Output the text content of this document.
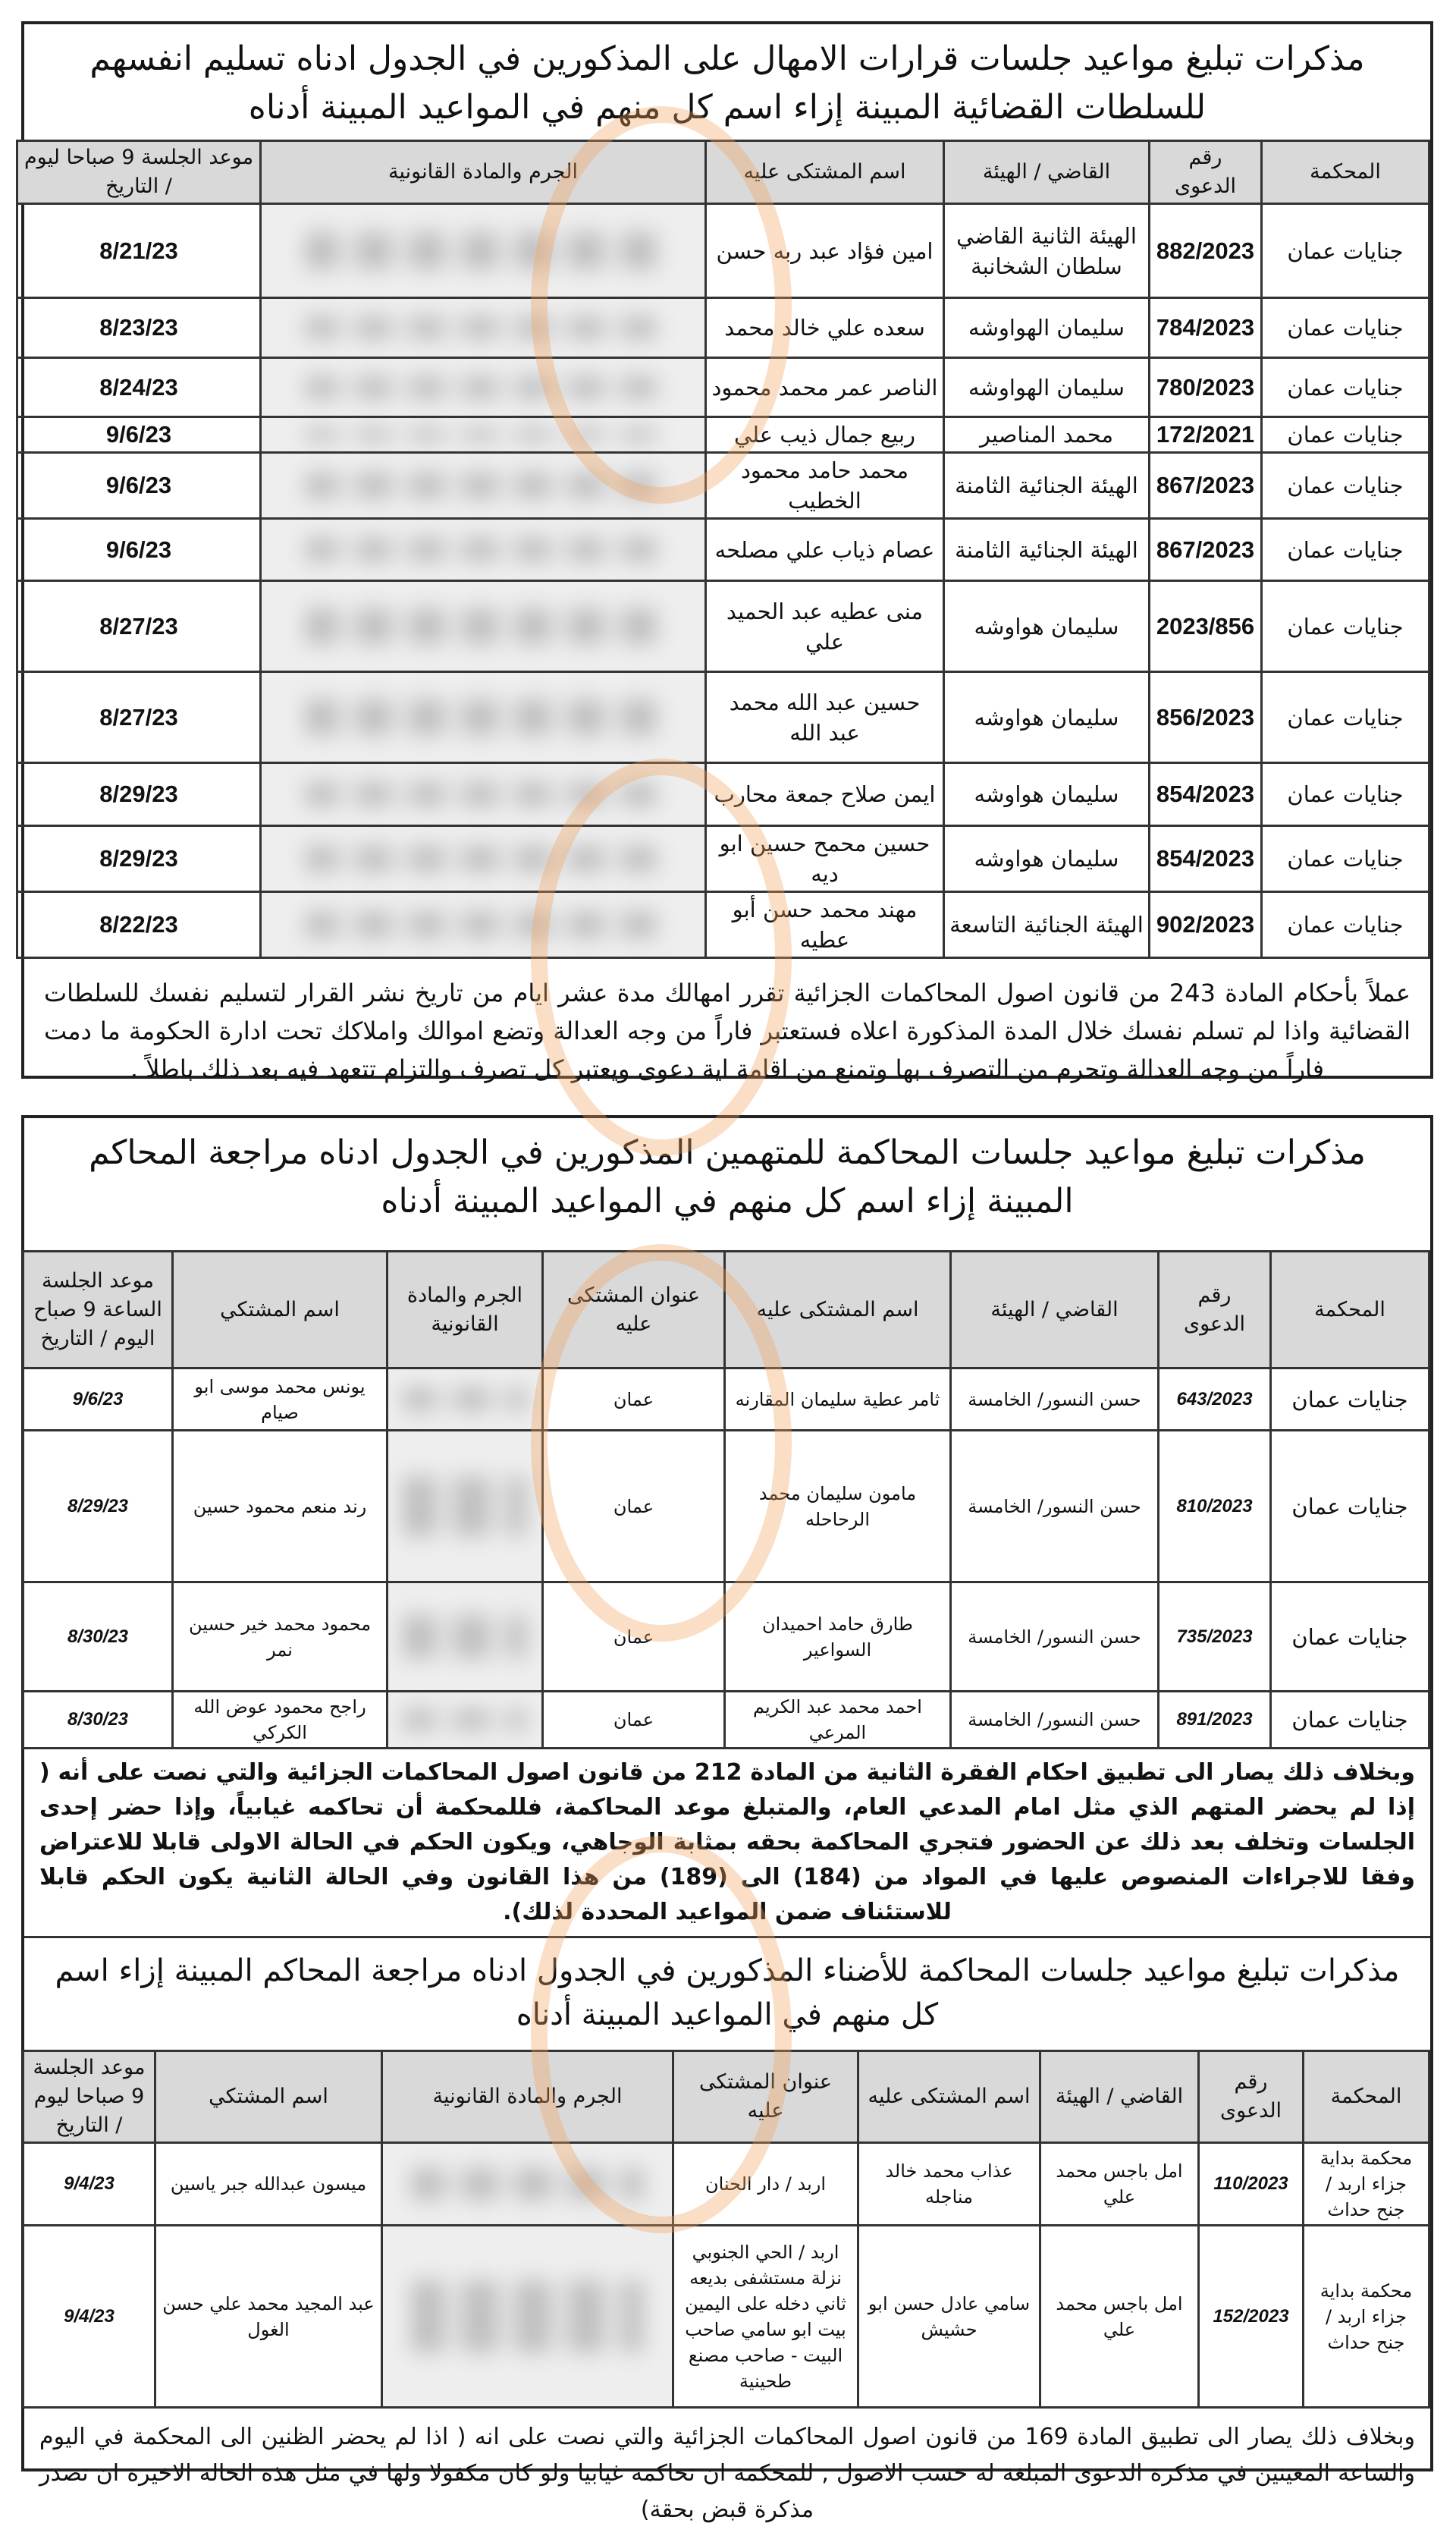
مذكرات تبليغ مواعيد جلسات قرارات الامهال على المذكورين في الجدول ادناه تسليم انفسهم للسلطات القضائية المبينة إزاء اسم كل منهم في المواعيد المبينة أدناه
المحكمة	رقم الدعوى	القاضي / الهيئة	اسم المشتكى عليه	الجرم والمادة القانونية	موعد الجلسة 9 صباحا ليوم / التاريخ
جنايات عمان	882/2023	الهيئة الثانية القاضي سلطان الشخانبة	امين فؤاد عبد ربه حسن		8/21/23
جنايات عمان	784/2023	سليمان الهواوشه	سعده علي خالد محمد		8/23/23
جنايات عمان	780/2023	سليمان الهواوشه	الناصر عمر محمد محمود		8/24/23
جنايات عمان	172/2021	محمد المناصير	ربيع جمال ذيب علي		9/6/23
جنايات عمان	867/2023	الهيئة الجنائية الثامنة	محمد حامد محمود الخطيب		9/6/23
جنايات عمان	867/2023	الهيئة الجنائية الثامنة	عصام ذياب علي مصلحه		9/6/23
جنايات عمان	2023/856	سليمان هواوشه	منى عطيه عبد الحميد علي		8/27/23
جنايات عمان	856/2023	سليمان هواوشه	حسين عبد الله محمد عبد الله		8/27/23
جنايات عمان	854/2023	سليمان هواوشه	ايمن صلاح جمعة محارب		8/29/23
جنايات عمان	854/2023	سليمان هواوشه	حسين محمح حسين ابو ديه		8/29/23
جنايات عمان	902/2023	الهيئة الجنائية التاسعة	مهند محمد حسن أبو عطيه		8/22/23
عملاً بأحكام المادة 243 من قانون اصول المحاكمات الجزائية تقرر امهالك مدة عشر ايام من تاريخ نشر القرار لتسليم نفسك للسلطات القضائية واذا لم تسلم نفسك خلال المدة المذكورة اعلاه فستعتبر فاراً من وجه العدالة وتضع اموالك واملاكك تحت ادارة الحكومة ما دمت فاراً من وجه العدالة وتحرم من التصرف بها وتمنع من اقامة اية دعوى ويعتبر كل تصرف والتزام تتعهد فيه بعد ذلك باطلاً .
مذكرات تبليغ مواعيد جلسات المحاكمة للمتهمين المذكورين في الجدول ادناه مراجعة المحاكم المبينة إزاء اسم كل منهم في المواعيد المبينة أدناه
المحكمة	رقم الدعوى	القاضي / الهيئة	اسم المشتكى عليه	عنوان المشتكى عليه	الجرم والمادة القانونية	اسم المشتكي	موعد الجلسة الساعة 9 صباح اليوم / التاريخ
جنايات عمان	643/2023	حسن النسور/ الخامسة	ثامر عطية سليمان المقارنه	عمان		يونس محمد موسى ابو صيام	9/6/23
جنايات عمان	810/2023	حسن النسور/ الخامسة	مامون سليمان محمد الرحاحله	عمان		رند منعم محمود حسين	8/29/23
جنايات عمان	735/2023	حسن النسور/ الخامسة	طارق حامد احميدان السواعير	عمان		محمود محمد خير حسين نمر	8/30/23
جنايات عمان	891/2023	حسن النسور/ الخامسة	احمد محمد عبد الكريم المرعي	عمان		راجح محمود عوض الله الكركي	8/30/23
وبخلاف ذلك يصار الى تطبيق احكام الفقرة الثانية من المادة 212 من قانون اصول المحاكمات الجزائية والتي نصت على أنه ( إذا لم يحضر المتهم الذي مثل امام المدعي العام، والمتبلغ موعد المحاكمة، فللمحكمة أن تحاكمه غيابياً، وإذا حضر إحدى الجلسات وتخلف بعد ذلك عن الحضور فتجري المحاكمة بحقه بمثابة الوجاهي، ويكون الحكم في الحالة الاولى قابلا للاعتراض وفقا للاجراءات المنصوص عليها في المواد من (184) الى (189) من هذا القانون وفي الحالة الثانية يكون الحكم قابلا للاستئناف ضمن المواعيد المحددة لذلك).
مذكرات تبليغ مواعيد جلسات المحاكمة للأضناء المذكورين في الجدول ادناه مراجعة المحاكم المبينة إزاء اسم كل منهم في المواعيد المبينة أدناه
المحكمة	رقم الدعوى	القاضي / الهيئة	اسم المشتكى عليه	عنوان المشتكى عليه	الجرم والمادة القانونية	اسم المشتكي	موعد الجلسة 9 صباحا ليوم / التاريخ
محكمة بداية جزاء اربد / جنح حداث	110/2023	امل باجس محمد علي	عذاب محمد خالد مناجله	اربد / دار الحنان		ميسون عبدالله جبر ياسين	9/4/23
محكمة بداية جزاء اربد / جنح حداث	152/2023	امل باجس محمد علي	سامي عادل حسن ابو حشيش	اربد / الحي الجنوبي نزلة مستشفى بديعه ثاني دخله على اليمين بيت ابو سامي صاحب البيت - صاحب مصنع طحينية		عبد المجيد محمد علي حسن الغول	9/4/23
وبخلاف ذلك يصار الى تطبيق المادة 169 من قانون اصول المحاكمات الجزائية والتي نصت على انه ( اذا لم يحضر الظنين الى المحكمة في اليوم والساعة المعينين في مذكرة الدعوى المبلغة له حسب الاصول , للمحكمة ان تحاكمه غيابيا ولو كان مكفولا ولها في مثل هذه الحاله الاخيرة ان تصدر مذكرة قبض بحقة)
